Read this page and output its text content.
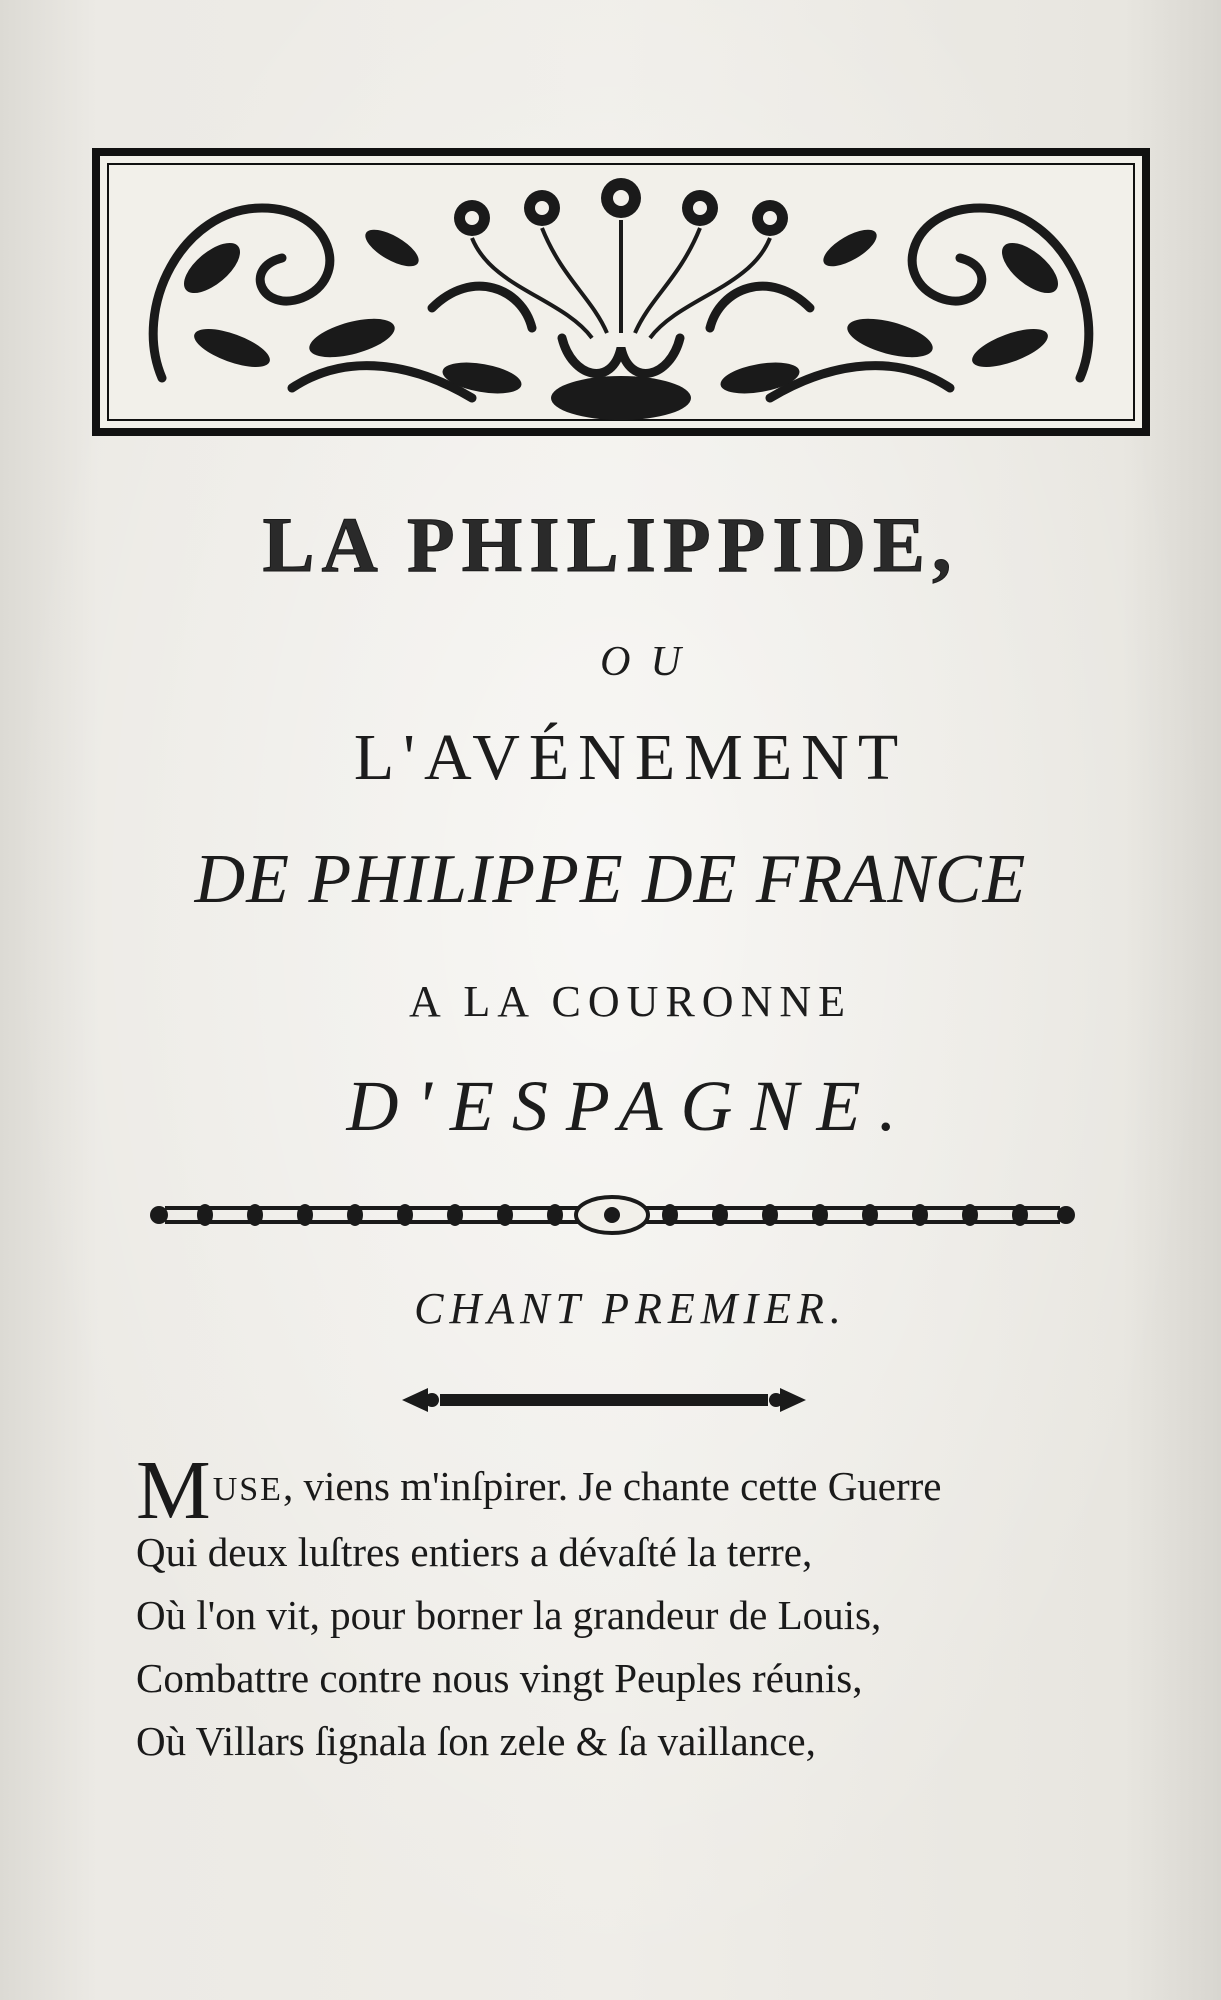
LA PHILIPPIDE,
OU
L'AVÉNEMENT
DE PHILIPPE DE FRANCE
A LA COURONNE
D'ESPAGNE.
CHANT PREMIER.
MUSE, viens m'inſpirer. Je chante cette Guerre
Qui deux luſtres entiers a dévaſté la terre,
Où l'on vit, pour borner la grandeur de Louis,
Combattre contre nous vingt Peuples réunis,
Où Villars ſignala ſon zele & ſa vaillance,
